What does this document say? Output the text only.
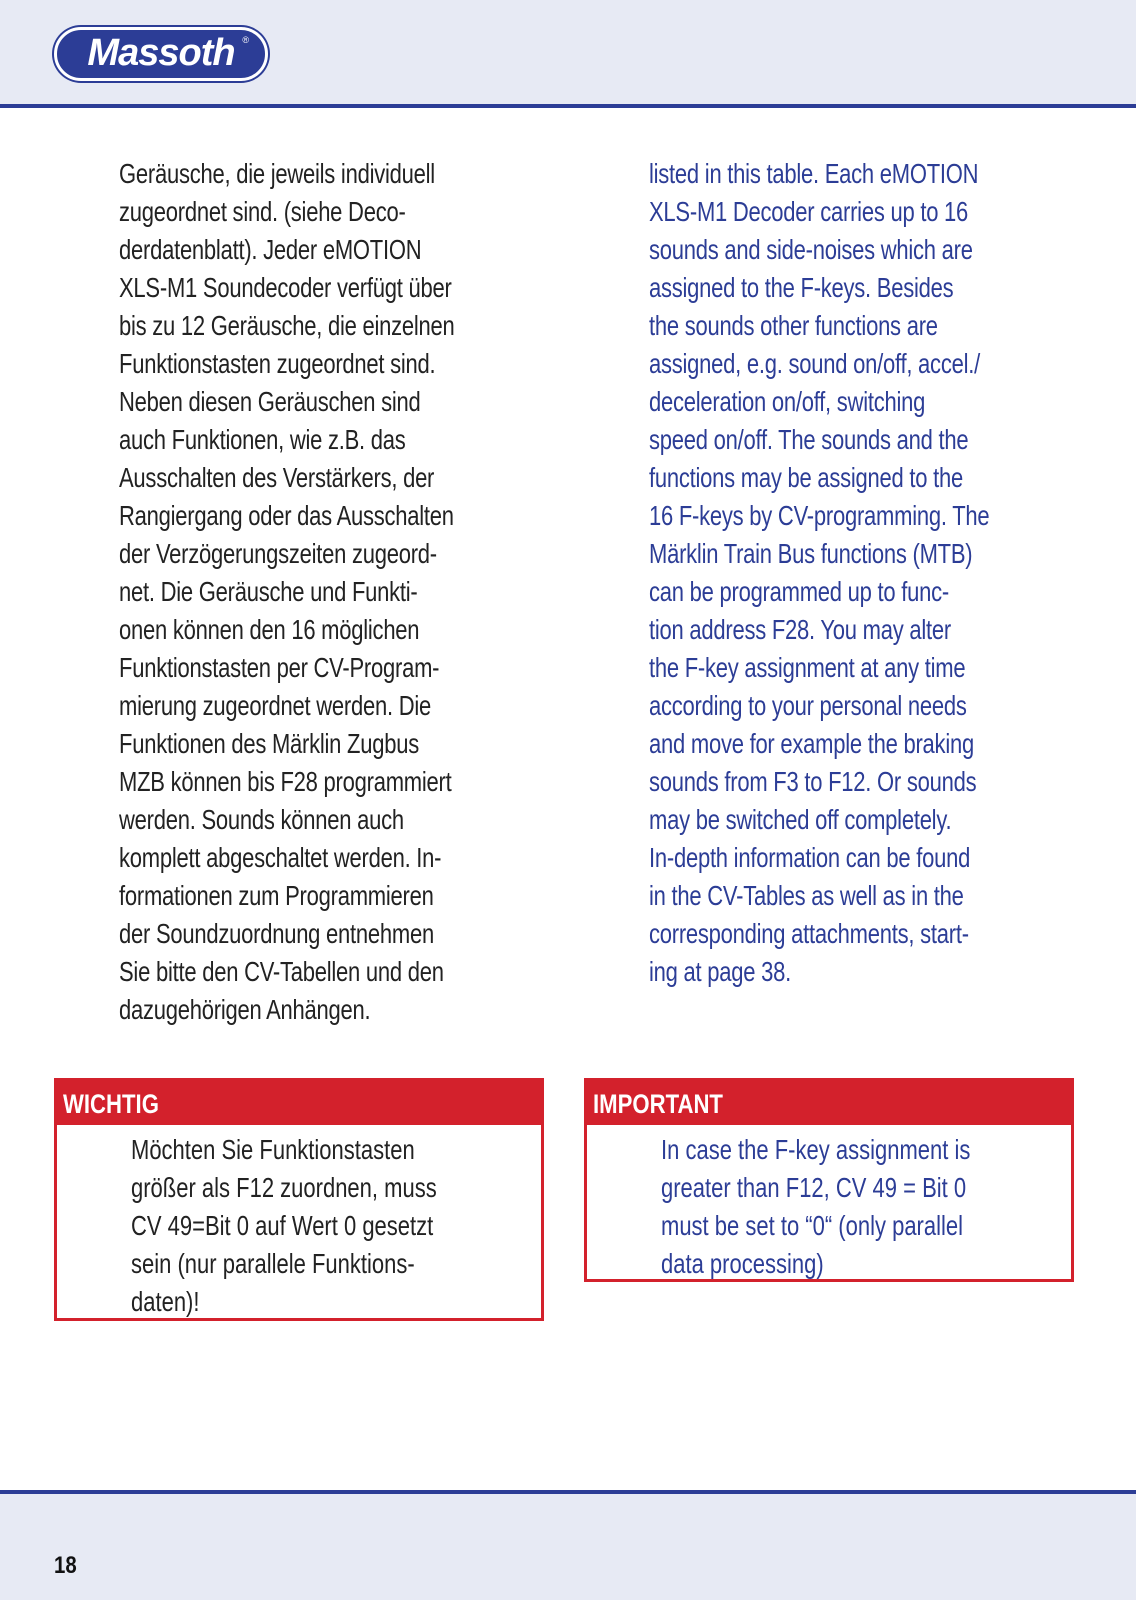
Massoth ®
Geräusche, die jeweils individuell
zugeordnet sind. (siehe Deco-
derdatenblatt). Jeder eMOTION
XLS-M1 Soundecoder verfügt über
bis zu 12 Geräusche, die einzelnen
Funktionstasten zugeordnet sind.
Neben diesen Geräuschen sind
auch Funktionen, wie z.B. das
Ausschalten des Verstärkers, der
Rangiergang oder das Ausschalten
der Verzögerungszeiten zugeord-
net. Die Geräusche und Funkti-
onen können den 16 möglichen
Funktionstasten per CV-Program-
mierung zugeordnet werden. Die
Funktionen des Märklin Zugbus
MZB können bis F28 programmiert
werden. Sounds können auch
komplett abgeschaltet werden. In-
formationen zum Programmieren
der Soundzuordnung entnehmen
Sie bitte den CV-Tabellen und den
dazugehörigen Anhängen.
listed in this table. Each eMOTION
XLS-M1 Decoder carries up to 16
sounds and side-noises which are
assigned to the F-keys. Besides
the sounds other functions are
assigned, e.g. sound on/off, accel./
deceleration on/off, switching
speed on/off. The sounds and the
functions may be assigned to the
16 F-keys by CV-programming. The
Märklin Train Bus functions (MTB)
can be programmed up to func-
tion address F28. You may alter
the F-key assignment at any time
according to your personal needs
and move for example the braking
sounds from F3 to F12. Or sounds
may be switched off completely.
In-depth information can be found
in the CV-Tables as well as in the
corresponding attachments, start-
ing at page 38.
WICHTIG
Möchten Sie Funktionstasten
größer als F12 zuordnen, muss
CV 49=Bit 0 auf Wert 0 gesetzt
sein (nur parallele Funktions-
daten)!
IMPORTANT
In case the F-key assignment is
greater than F12, CV 49 = Bit 0
must be set to “0“ (only parallel
data processing)
18
